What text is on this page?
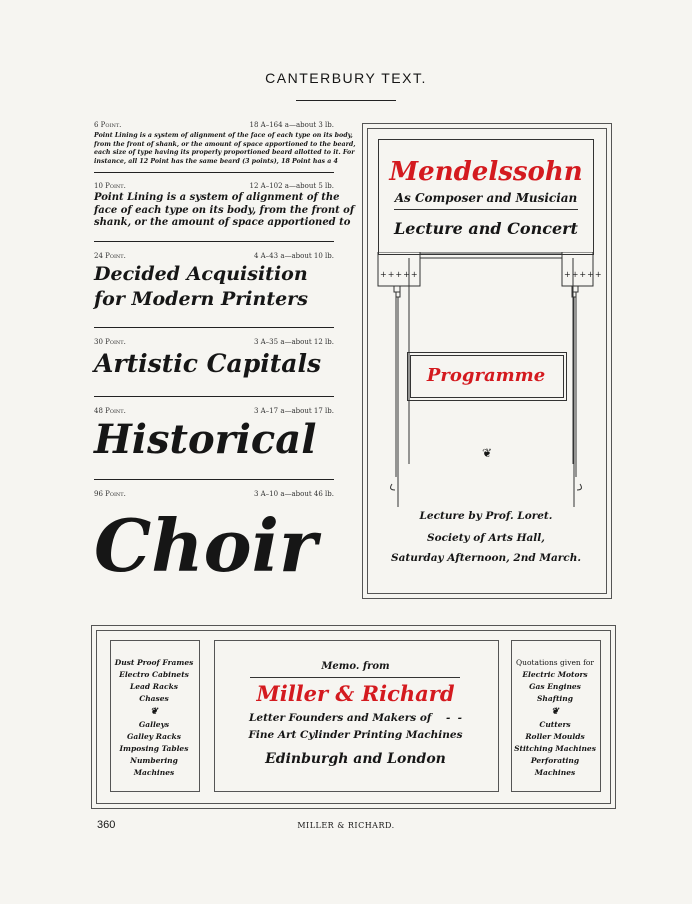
CANTERBURY TEXT.
6 Point.	18 A–164 a—about 3 lb.
Point Lining is a system of alignment of the face of each type on its body,
from the front of shank, or the amount of space apportioned to the beard,
each size of type having its properly proportioned beard allotted to it. For
instance, all 12 Point has the same beard (3 points), 18 Point has a 4
10 Point.	12 A–102 a—about 5 lb.
Point Lining is a system of alignment of the
face of each type on its body, from the front of
shank, or the amount of space apportioned to
24 Point.	4 A–43 a—about 10 lb.
Decided Acquisition
for Modern Printers
30 Point.	3 A–35 a—about 12 lb.
Artistic Capitals
48 Point.	3 A–17 a—about 17 lb.
Historical
96 Point.	3 A–10 a—about 46 lb.
Choir
Mendelssohn
As Composer and Musician
Lecture and Concert
+++++	+++++
Programme
❦
Lecture by Prof. Loret.
Society of Arts Hall,
Saturday Afternoon, 2nd March.
Dust Proof Frames
Electro Cabinets
Lead Racks
Chases
❦
Galleys
Galley Racks
Imposing Tables
Numbering Machines
Memo. from
Miller & Richard
Letter Founders and Makers of    -  -
Fine Art Cylinder Printing Machines
Edinburgh and London
Quotations given for
Electric Motors
Gas Engines
Shafting
❦
Cutters
Roller Moulds
Stitching Machines
Perforating Machines
360	MILLER & RICHARD.
